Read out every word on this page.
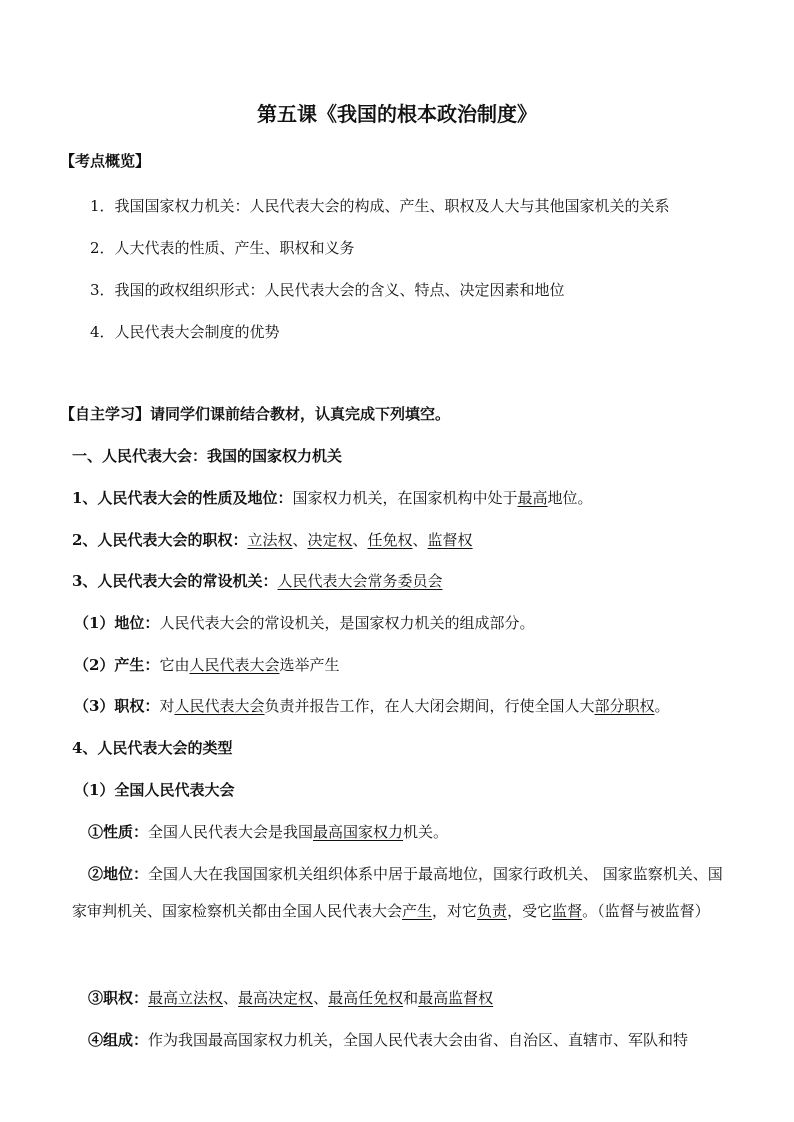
第五课《我国的根本政治制度》
【考点概览】
1．我国国家权力机关：人民代表大会的构成、产生、职权及人大与其他国家机关的关系
2．人大代表的性质、产生、职权和义务
3．我国的政权组织形式：人民代表大会的含义、特点、决定因素和地位
4．人民代表大会制度的优势
【自主学习】请同学们课前结合教材，认真完成下列填空。
一、人民代表大会：我国的国家权力机关
1、人民代表大会的性质及地位：国家权力机关，在国家机构中处于最高地位。
2、人民代表大会的职权：立法权、决定权、任免权、监督权
3、人民代表大会的常设机关：人民代表大会常务委员会
（1）地位：人民代表大会的常设机关，是国家权力机关的组成部分。
（2）产生：它由人民代表大会选举产生
（3）职权：对人民代表大会负责并报告工作，在人大闭会期间，行使全国人大部分职权。
4、人民代表大会的类型
（1）全国人民代表大会
①性质：全国人民代表大会是我国最高国家权力机关。
②地位：全国人大在我国国家机关组织体系中居于最高地位，国家行政机关、 国家监察机关、国家审判机关、国家检察机关都由全国人民代表大会产生，对它负责，受它监督。（监督与被监督）
③职权：最高立法权、最高决定权、最高任免权和最高监督权
④组成：作为我国最高国家权力机关，全国人民代表大会由省、自治区、直辖市、军队和特
